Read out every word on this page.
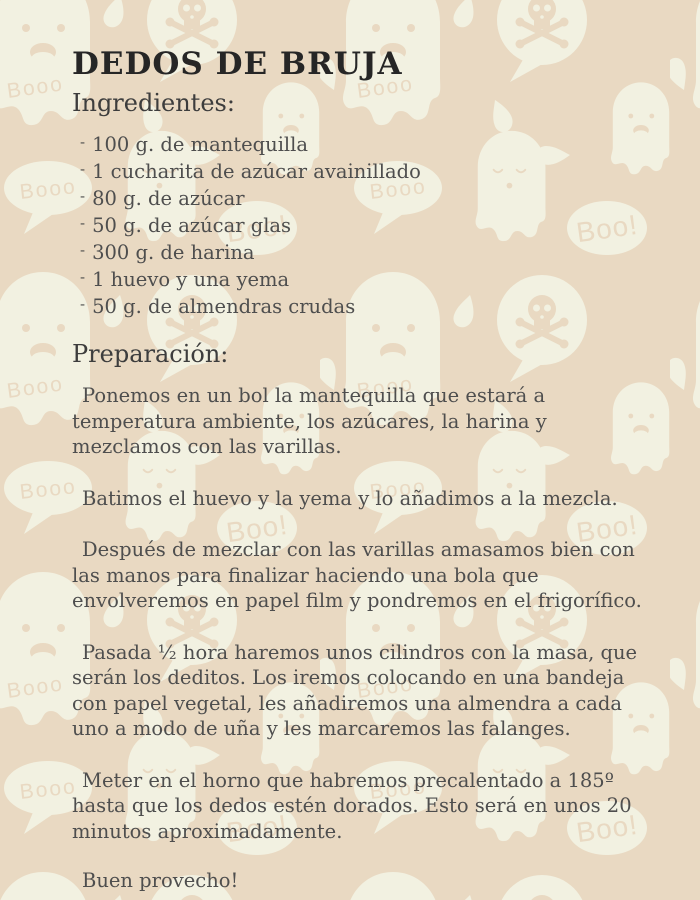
DEDOS DE BRUJA
Ingredientes:
- 100 g. de mantequilla
- 1 cucharita de azúcar avainillado
- 80 g. de azúcar
- 50 g. de azúcar glas
- 300 g. de harina
- 1 huevo y una yema
- 50 g. de almendras crudas
Preparación:

Ponemos en un bol la mantequilla que estará a temperatura ambiente, los azúcares, la harina y mezclamos con las varillas.

Batimos el huevo y la yema y lo añadimos a la mezcla.

Después de mezclar con las varillas amasamos bien con las manos para finalizar haciendo una bola que envolveremos en papel film y pondremos en el frigorífico.

Pasada ½ hora haremos unos cilindros con la masa, que serán los deditos. Los iremos colocando en una bandeja con papel vegetal, les añadiremos una almendra a cada uno a modo de uña y les marcaremos las falanges.

Meter en el horno que habremos precalentado a 185º hasta que los dedos estén dorados. Esto será en unos 20 minutos aproximadamente.

Buen provecho!
